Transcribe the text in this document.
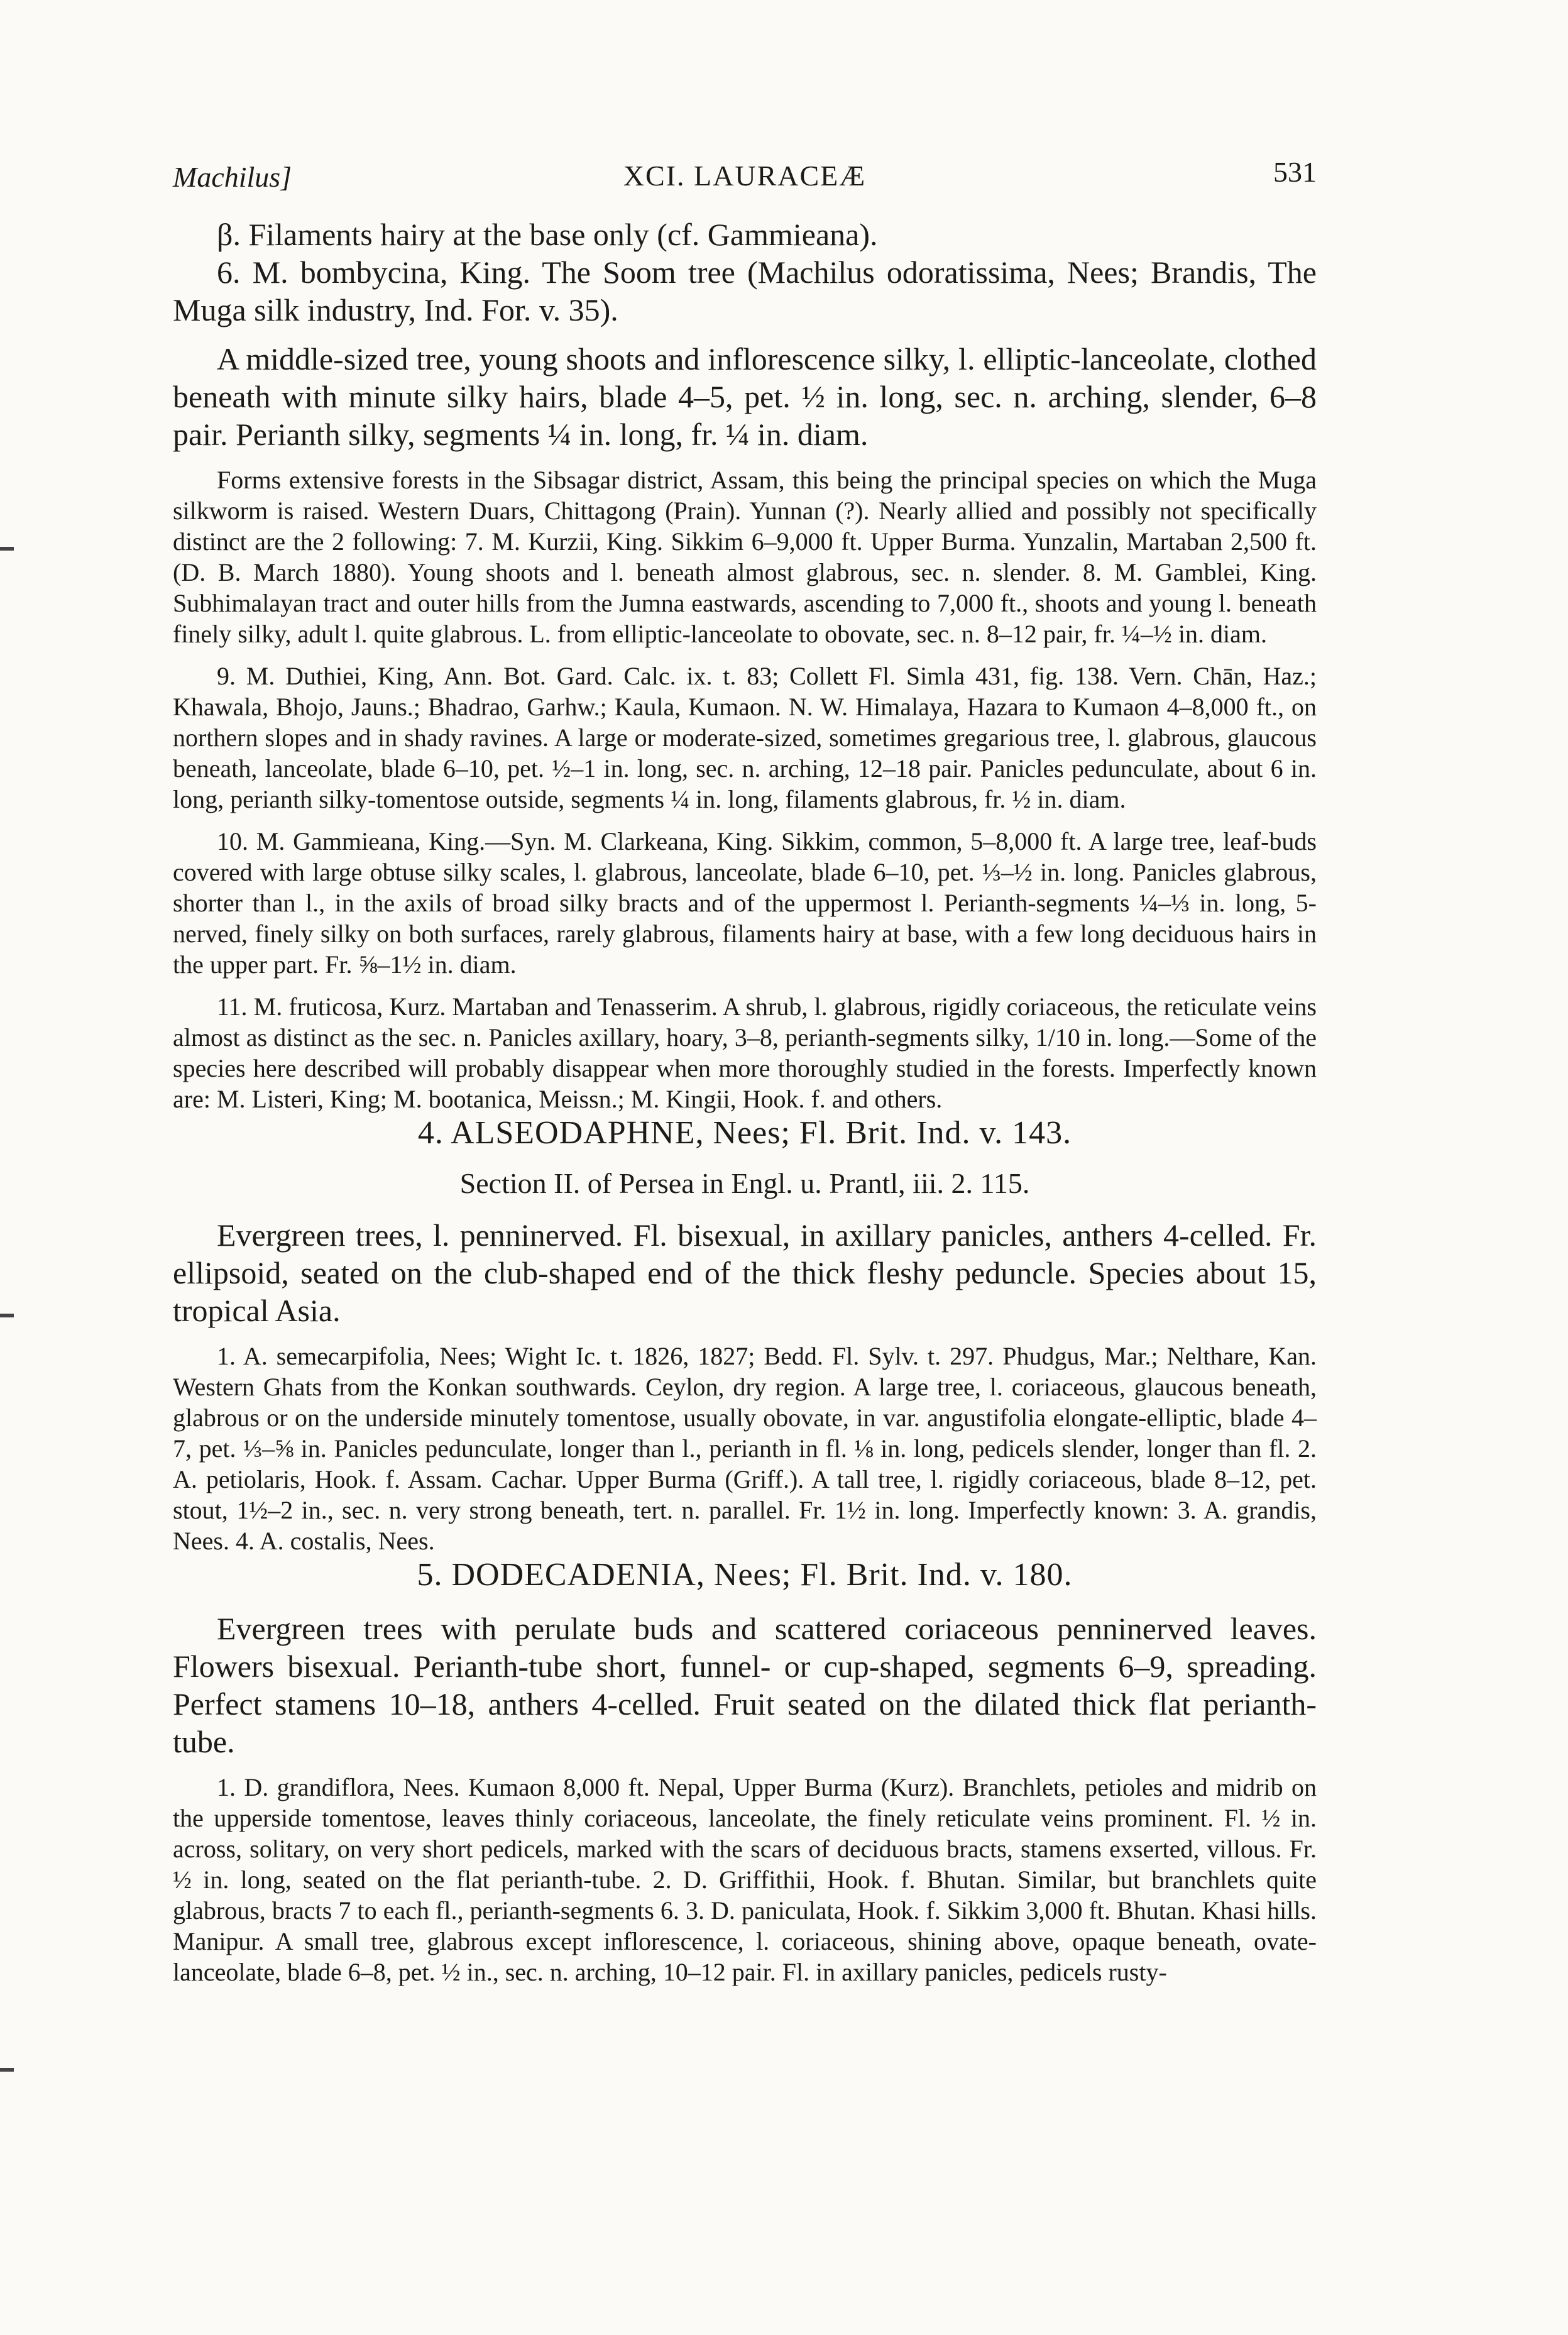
Machilus]	XCI. LAURACEÆ	531

β. Filaments hairy at the base only (cf. Gammieana).

6. M. bombycina, King. The Soom tree (Machilus odoratissima, Nees; Brandis, The Muga silk industry, Ind. For. v. 35).

A middle-sized tree, young shoots and inflorescence silky, l. elliptic-lanceolate, clothed beneath with minute silky hairs, blade 4–5, pet. ½ in. long, sec. n. arching, slender, 6–8 pair. Perianth silky, segments ¼ in. long, fr. ¼ in. diam.

Forms extensive forests in the Sibsagar district, Assam, this being the principal species on which the Muga silkworm is raised. Western Duars, Chittagong (Prain). Yunnan (?). Nearly allied and possibly not specifically distinct are the 2 following: 7. M. Kurzii, King. Sikkim 6–9,000 ft. Upper Burma. Yunzalin, Martaban 2,500 ft. (D. B. March 1880). Young shoots and l. beneath almost glabrous, sec. n. slender. 8. M. Gamblei, King. Subhimalayan tract and outer hills from the Jumna eastwards, ascending to 7,000 ft., shoots and young l. beneath finely silky, adult l. quite glabrous. L. from elliptic-lanceolate to obovate, sec. n. 8–12 pair, fr. ¼–½ in. diam.

9. M. Duthiei, King, Ann. Bot. Gard. Calc. ix. t. 83; Collett Fl. Simla 431, fig. 138. Vern. Chān, Haz.; Khawala, Bhojo, Jauns.; Bhadrao, Garhw.; Kaula, Kumaon. N. W. Himalaya, Hazara to Kumaon 4–8,000 ft., on northern slopes and in shady ravines. A large or moderate-sized, sometimes gregarious tree, l. glabrous, glaucous beneath, lanceolate, blade 6–10, pet. ½–1 in. long, sec. n. arching, 12–18 pair. Panicles pedunculate, about 6 in. long, perianth silky-tomentose outside, segments ¼ in. long, filaments glabrous, fr. ½ in. diam.

10. M. Gammieana, King.—Syn. M. Clarkeana, King. Sikkim, common, 5–8,000 ft. A large tree, leaf-buds covered with large obtuse silky scales, l. glabrous, lanceolate, blade 6–10, pet. ⅓–½ in. long. Panicles glabrous, shorter than l., in the axils of broad silky bracts and of the uppermost l. Perianth-segments ¼–⅓ in. long, 5-nerved, finely silky on both surfaces, rarely glabrous, filaments hairy at base, with a few long deciduous hairs in the upper part. Fr. ⅝–1½ in. diam.

11. M. fruticosa, Kurz. Martaban and Tenasserim. A shrub, l. glabrous, rigidly coriaceous, the reticulate veins almost as distinct as the sec. n. Panicles axillary, hoary, 3–8, perianth-segments silky, 1/10 in. long.—Some of the species here described will probably disappear when more thoroughly studied in the forests. Imperfectly known are: M. Listeri, King; M. bootanica, Meissn.; M. Kingii, Hook. f. and others.

4. ALSEODAPHNE, Nees; Fl. Brit. Ind. v. 143.

Section II. of Persea in Engl. u. Prantl, iii. 2. 115.

Evergreen trees, l. penninerved. Fl. bisexual, in axillary panicles, anthers 4-celled. Fr. ellipsoid, seated on the club-shaped end of the thick fleshy peduncle. Species about 15, tropical Asia.

1. A. semecarpifolia, Nees; Wight Ic. t. 1826, 1827; Bedd. Fl. Sylv. t. 297. Phudgus, Mar.; Nelthare, Kan. Western Ghats from the Konkan southwards. Ceylon, dry region. A large tree, l. coriaceous, glaucous beneath, glabrous or on the underside minutely tomentose, usually obovate, in var. angustifolia elongate-elliptic, blade 4–7, pet. ⅓–⅝ in. Panicles pedunculate, longer than l., perianth in fl. ⅛ in. long, pedicels slender, longer than fl. 2. A. petiolaris, Hook. f. Assam. Cachar. Upper Burma (Griff.). A tall tree, l. rigidly coriaceous, blade 8–12, pet. stout, 1½–2 in., sec. n. very strong beneath, tert. n. parallel. Fr. 1½ in. long. Imperfectly known: 3. A. grandis, Nees. 4. A. costalis, Nees.

5. DODECADENIA, Nees; Fl. Brit. Ind. v. 180.

Evergreen trees with perulate buds and scattered coriaceous penninerved leaves. Flowers bisexual. Perianth-tube short, funnel- or cup-shaped, segments 6–9, spreading. Perfect stamens 10–18, anthers 4-celled. Fruit seated on the dilated thick flat perianth-tube.

1. D. grandiflora, Nees. Kumaon 8,000 ft. Nepal, Upper Burma (Kurz). Branchlets, petioles and midrib on the upperside tomentose, leaves thinly coriaceous, lanceolate, the finely reticulate veins prominent. Fl. ½ in. across, solitary, on very short pedicels, marked with the scars of deciduous bracts, stamens exserted, villous. Fr. ½ in. long, seated on the flat perianth-tube. 2. D. Griffithii, Hook. f. Bhutan. Similar, but branchlets quite glabrous, bracts 7 to each fl., perianth-segments 6. 3. D. paniculata, Hook. f. Sikkim 3,000 ft. Bhutan. Khasi hills. Manipur. A small tree, glabrous except inflorescence, l. coriaceous, shining above, opaque beneath, ovate-lanceolate, blade 6–8, pet. ½ in., sec. n. arching, 10–12 pair. Fl. in axillary panicles, pedicels rusty-
